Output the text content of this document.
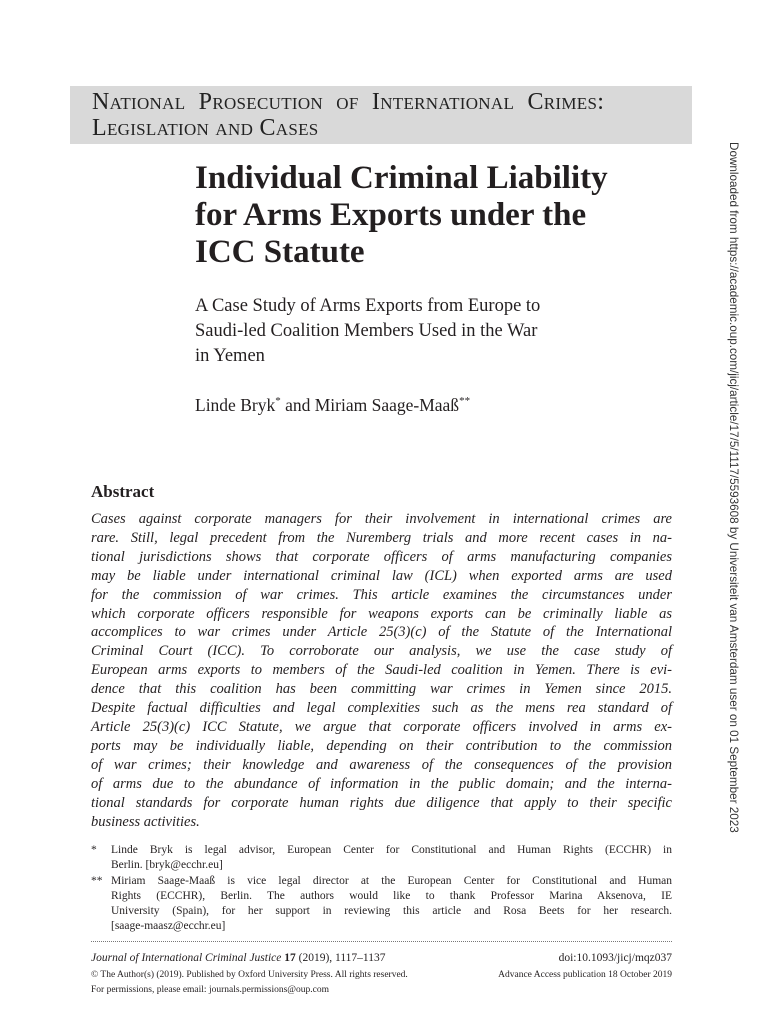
National Prosecution of International Crimes:
Legislation and Cases
Individual Criminal Liability
for Arms Exports under the
ICC Statute
A Case Study of Arms Exports from Europe to
Saudi-led Coalition Members Used in the War
in Yemen
Linde Bryk* and Miriam Saage-Maaß**
Abstract
Cases against corporate managers for their involvement in international crimes are
rare. Still, legal precedent from the Nuremberg trials and more recent cases in na-
tional jurisdictions shows that corporate officers of arms manufacturing companies
may be liable under international criminal law (ICL) when exported arms are used
for the commission of war crimes. This article examines the circumstances under
which corporate officers responsible for weapons exports can be criminally liable as
accomplices to war crimes under Article 25(3)(c) of the Statute of the International
Criminal Court (ICC). To corroborate our analysis, we use the case study of
European arms exports to members of the Saudi-led coalition in Yemen. There is evi-
dence that this coalition has been committing war crimes in Yemen since 2015.
Despite factual difficulties and legal complexities such as the mens rea standard of
Article 25(3)(c) ICC Statute, we argue that corporate officers involved in arms ex-
ports may be individually liable, depending on their contribution to the commission
of war crimes; their knowledge and awareness of the consequences of the provision
of arms due to the abundance of information in the public domain; and the interna-
tional standards for corporate human rights due diligence that apply to their specific
business activities.
*	Linde Bryk is legal advisor, European Center for Constitutional and Human Rights (ECCHR) in
Berlin. [bryk@ecchr.eu]
** Miriam Saage-Maaß is vice legal director at the European Center for Constitutional and Human
Rights (ECCHR), Berlin. The authors would like to thank Professor Marina Aksenova, IE
University (Spain), for her support in reviewing this article and Rosa Beets for her research.
[saage-maasz@ecchr.eu]
Journal of International Criminal Justice 17 (2019), 1117–1137	doi:10.1093/jicj/mqz037
© The Author(s) (2019). Published by Oxford University Press. All rights reserved.	Advance Access publication 18 October 2019
For permissions, please email: journals.permissions@oup.com
Downloaded from https://academic.oup.com/jicj/article/17/5/1117/5593608 by Universiteit van Amsterdam user on 01 September 2023
